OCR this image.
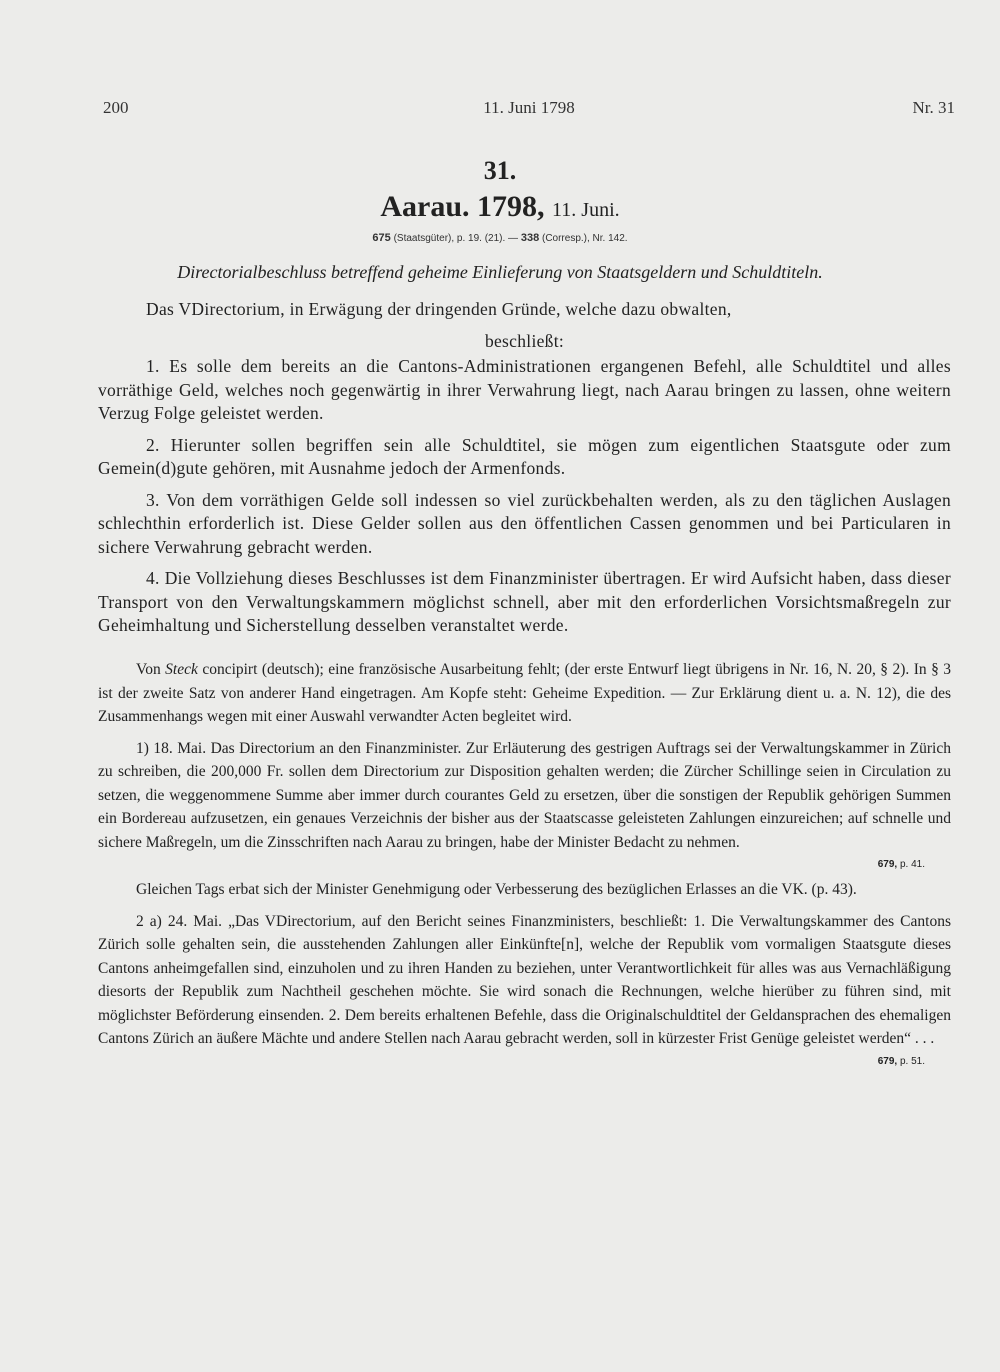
200	11. Juni 1798	Nr. 31
31.
Aarau. 1798, 11. Juni.
675 (Staatsgüter), p. 19. (21). — 338 (Corresp.), Nr. 142.
Directorialbeschluss betreffend geheime Einlieferung von Staatsgeldern und Schuldtiteln.

Das VDirectorium, in Erwägung der dringenden Gründe, welche dazu obwalten,

beschließt:

1. Es solle dem bereits an die Cantons-Administrationen ergangenen Befehl, alle Schuldtitel und alles vorräthige Geld, welches noch gegenwärtig in ihrer Verwahrung liegt, nach Aarau bringen zu lassen, ohne weitern Verzug Folge geleistet werden.

2. Hierunter sollen begriffen sein alle Schuldtitel, sie mögen zum eigentlichen Staatsgute oder zum Gemein(d)gute gehören, mit Ausnahme jedoch der Armenfonds.

3. Von dem vorräthigen Gelde soll indessen so viel zurückbehalten werden, als zu den täglichen Auslagen schlechthin erforderlich ist. Diese Gelder sollen aus den öffentlichen Cassen genommen und bei Particularen in sichere Verwahrung gebracht werden.

4. Die Vollziehung dieses Beschlusses ist dem Finanzminister übertragen. Er wird Aufsicht haben, dass dieser Transport von den Verwaltungskammern möglichst schnell, aber mit den erforderlichen Vorsichtsmaßregeln zur Geheimhaltung und Sicherstellung desselben veranstaltet werde.

Von Steck concipirt (deutsch); eine französische Ausarbeitung fehlt; (der erste Entwurf liegt übrigens in Nr. 16, N. 20, § 2). In § 3 ist der zweite Satz von anderer Hand eingetragen. Am Kopfe steht: Geheime Expedition. — Zur Erklärung dient u. a. N. 12), die des Zusammenhangs wegen mit einer Auswahl verwandter Acten begleitet wird.

1) 18. Mai. Das Directorium an den Finanzminister. Zur Erläuterung des gestrigen Auftrags sei der Verwaltungskammer in Zürich zu schreiben, die 200,000 Fr. sollen dem Directorium zur Disposition gehalten werden; die Zürcher Schillinge seien in Circulation zu setzen, die weggenommene Summe aber immer durch courantes Geld zu ersetzen, über die sonstigen der Republik gehörigen Summen ein Bordereau aufzusetzen, ein genaues Verzeichnis der bisher aus der Staatscasse geleisteten Zahlungen einzureichen; auf schnelle und sichere Maßregeln, um die Zinsschriften nach Aarau zu bringen, habe der Minister Bedacht zu nehmen.

679, p. 41.

Gleichen Tags erbat sich der Minister Genehmigung oder Verbesserung des bezüglichen Erlasses an die VK. (p. 43).

2 a) 24. Mai. „Das VDirectorium, auf den Bericht seines Finanzministers, beschließt: 1. Die Verwaltungskammer des Cantons Zürich solle gehalten sein, die ausstehenden Zahlungen aller Einkünfte[n], welche der Republik vom vormaligen Staatsgute dieses Cantons anheimgefallen sind, einzuholen und zu ihren Handen zu beziehen, unter Verantwortlichkeit für alles was aus Vernachläßigung diesorts der Republik zum Nachtheil geschehen möchte. Sie wird sonach die Rechnungen, welche hierüber zu führen sind, mit möglichster Beförderung einsenden. 2. Dem bereits erhaltenen Befehle, dass die Originalschuldtitel der Geldansprachen des ehemaligen Cantons Zürich an äußere Mächte und andere Stellen nach Aarau gebracht werden, soll in kürzester Frist Genüge geleistet werden“ . . .

679, p. 51.
